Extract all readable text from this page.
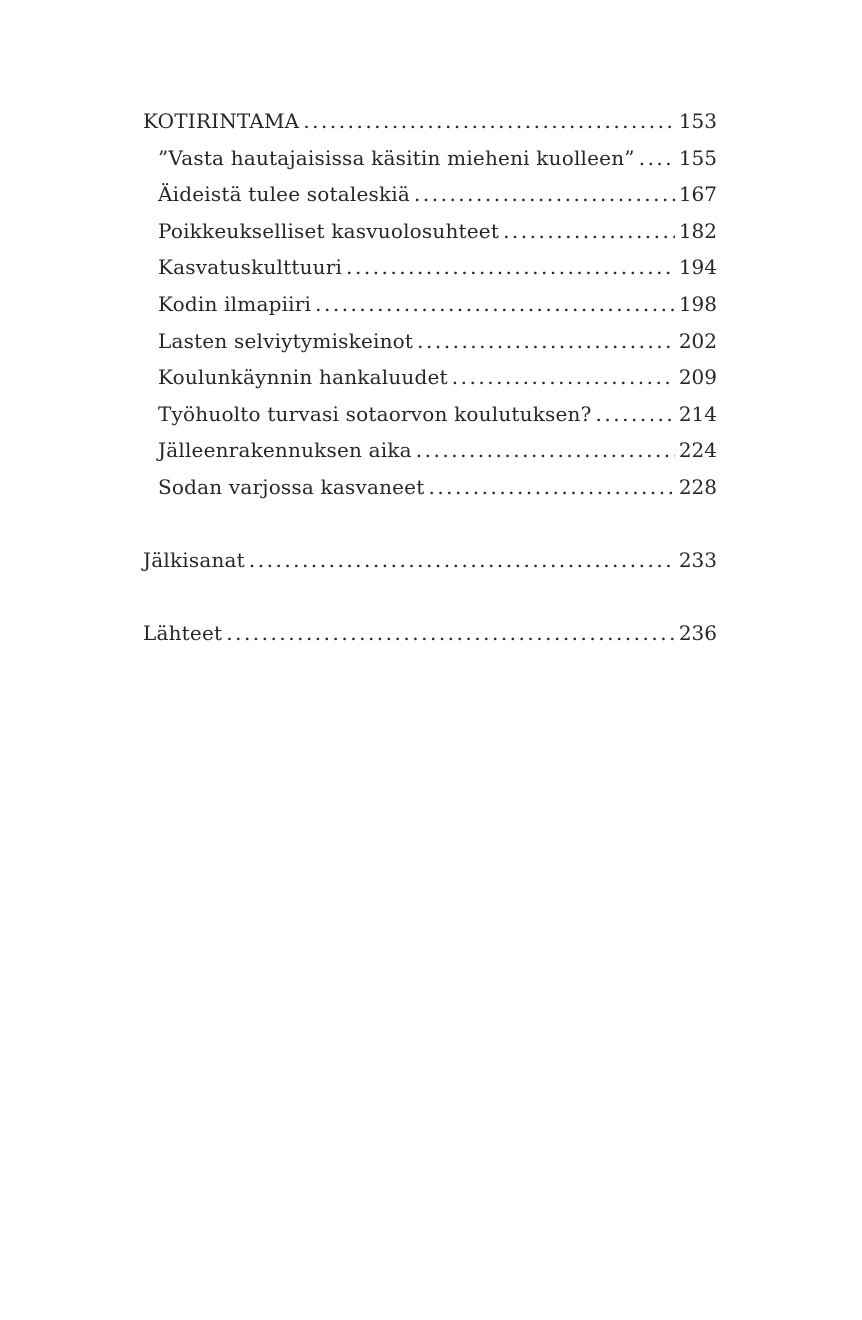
KOTIRINTAMA .....	153
”Vasta hautajaisissa käsitin mieheni kuolleen” ..... 155
Äideistä tulee sotaleskiä .....	167
Poikkeukselliset kasvuolosuhteet .....	182
Kasvatuskulttuuri .....	194
Kodin ilmapiiri .....	198
Lasten selviytymiskeinot .....	202
Koulunkäynnin hankaluudet .....	209
Työhuolto turvasi sotaorvon koulutuksen? .....	214
Jälleenrakennuksen aika .....	224
Sodan varjossa kasvaneet .....	228
Jälkisanat .....	233
Lähteet .....	236
